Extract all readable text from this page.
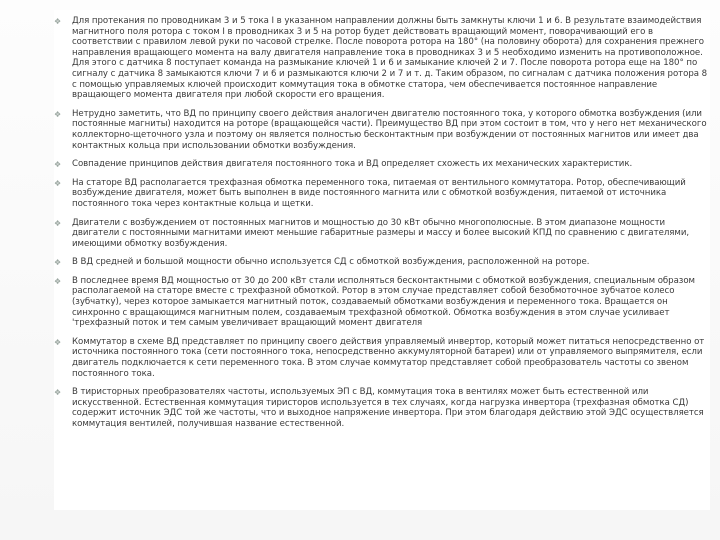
❖
Для протекания по проводникам 3 и 5 тока I в указанном направлении должны быть замкнуты ключи 1 и 6. В результате взаимодействия магнитного поля ротора с током I в проводниках 3 и 5 на ротор будет действовать вращающий момент, поворачивающий его в соответствии с правилом левой руки по часовой стрелке. После поворота ротора на 180° (на половину оборота) для сохранения прежнего направления вращающего момента на валу двигателя направление тока в проводниках 3 и 5 необходимо изменить на противоположное. Для этого с датчика 8 поступает команда на размыкание ключей 1 и 6 и замыкание ключей 2 и 7. После поворота ротора еще на 180° по сигналу с датчика 8 замыкаются ключи 7 и 6 и размыкаются ключи 2 и 7 и т. д. Таким образом, по сигналам с датчика положения ротора 8 с помощью управляемых ключей происходит коммутация тока в обмотке статора, чем обеспечивается постоянное направление вращающего момента двигателя при любой скорости его вращения.
❖
Нетрудно заметить, что ВД по принципу своего действия аналогичен двигателю постоянного тока, у которого обмотка возбуждения (или постоянные магниты) находится на роторе (вращающейся части). Преимущество ВД при этом состоит в том, что у него нет механического коллекторно-щеточного узла и поэтому он является полностью бесконтактным при возбуждении от постоянных магнитов или имеет два контактных кольца при использовании обмотки возбуждения.
❖
Совпадение принципов действия двигателя постоянного тока и ВД определяет схожесть их механических характеристик.
❖
На статоре ВД располагается трехфазная обмотка переменного тока, питаемая от вентильного коммутатора. Ротор, обеспечивающий возбуждение двигателя, может быть выполнен в виде постоянного магнита или с обмоткой возбуждения, питаемой от источника постоянного тока через контактные кольца и щетки.
❖
Двигатели с возбуждением от постоянных магнитов и мощностью до 30 кВт обычно многополюсные. В этом диапазоне мощности двигатели с постоянными магнитами имеют меньшие габаритные размеры и массу и более высокий КПД по сравнению с двигателями, имеющими обмотку возбуждения.
❖
В ВД средней и большой мощности обычно используется СД с обмоткой возбуждения, расположенной на роторе.
❖
В последнее время ВД мощностью от 30 до 200 кВт стали исполняться бесконтактными с обмоткой возбуждения, специальным образом располагаемой на статоре вместе с трехфазной обмоткой. Ротор в этом случае представляет собой безобмоточное зубчатое колесо (зубчатку), через которое замыкается магнитный поток, создаваемый обмотками возбуждения и переменного тока. Вращается он синхронно с вращающимся магнитным полем, создаваемым трехфазной обмоткой. Обмотка возбуждения в этом случае усиливает 'трехфазный поток и тем самым увеличивает вращающий момент двигателя
❖
Коммутатор в схеме ВД представляет по принципу своего действия управляемый инвертор, который может питаться непосредственно от источника постоянного тока (сети постоянного тока, непосредственно аккумуляторной батареи) или от управляемого выпрямителя, если двигатель подключается к сети переменного тока. В этом случае коммутатор представляет собой преобразователь частоты со звеном постоянного тока.
❖
В тиристорных преобразователях частоты, используемых ЭП с ВД, коммутация тока в вентилях может быть естественной или искусственной. Естественная коммутация тиристоров используется в тех случаях, когда нагрузка инвертора (трехфазная обмотка СД) содержит источник ЭДС той же частоты, что и выходное напряжение инвертора. При этом благодаря действию этой ЭДС осуществляется коммутация вентилей, получившая название естественной.
